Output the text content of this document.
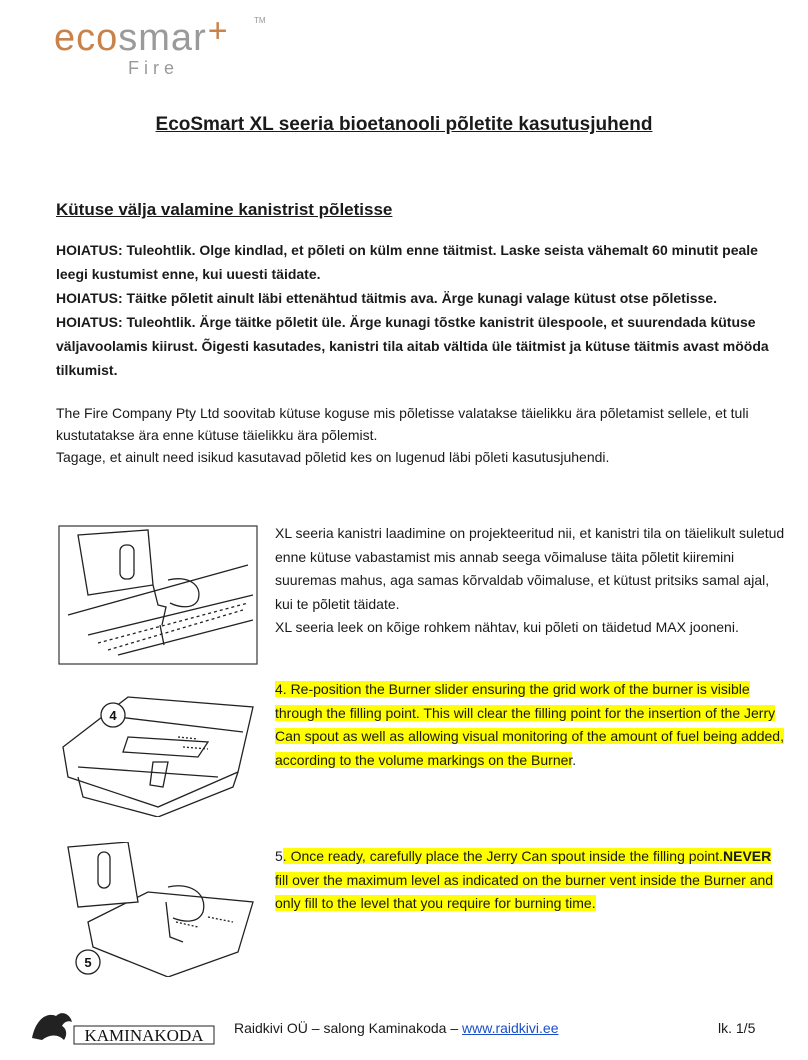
ecosmar+	TM
Fire
EcoSmart XL seeria bioetanooli põletite kasutusjuhend
Kütuse välja valamine kanistrist põletisse
HOIATUS: Tuleohtlik. Olge kindlad, et põleti on külm enne täitmist. Laske seista vähemalt 60 minutit peale leegi kustumist enne, kui uuesti täidate.
HOIATUS: Täitke põletit ainult läbi ettenähtud täitmis ava. Ärge kunagi valage kütust otse põletisse.
HOIATUS: Tuleohtlik. Ärge täitke põletit üle. Ärge kunagi tõstke kanistrit ülespoole, et suurendada kütuse väljavoolamis kiirust. Õigesti kasutades, kanistri tila aitab vältida üle täitmist ja kütuse täitmis avast mööda tilkumist.

The Fire Company Pty Ltd soovitab kütuse koguse mis põletisse valatakse täielikku ära põletamist sellele, et tuli kustutatakse ära enne kütuse täielikku ära põlemist.

Tagage, et ainult need isikud kasutavad põletid kes on lugenud läbi põleti kasutusjuhendi.

4
5

XL seeria kanistri laadimine on projekteeritud nii, et kanistri tila on täielikult suletud enne kütuse vabastamist mis annab seega võimaluse täita põletit kiiremini suuremas mahus, aga samas kõrvaldab võimaluse, et kütust pritsiks samal ajal, kui te põletit täidate.

XL seeria leek on kõige rohkem nähtav, kui põleti on täidetud MAX jooneni.

4. Re-position the Burner slider ensuring the grid work of the burner is visible through the filling point. This will clear the filling point for the insertion of the Jerry Can spout as well as allowing visual monitoring of the amount of fuel being added, according to the volume markings on the Burner.
5. Once ready, carefully place the Jerry Can spout inside the filling point.NEVER fill over the maximum level as indicated on the burner vent inside the Burner and only fill to the level that you require for burning time.
KAMINAKODA Raidkivi OÜ – salong Kaminakoda – www.raidkivi.ee	lk. 1/5
